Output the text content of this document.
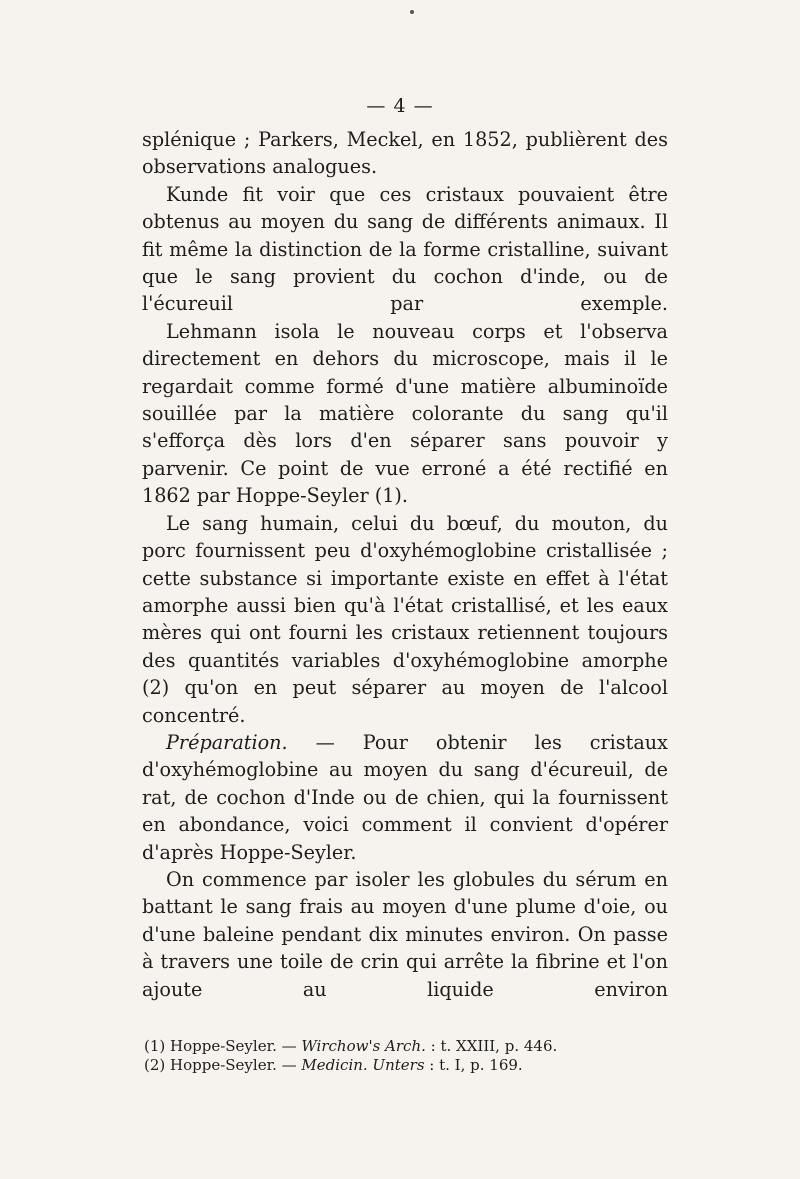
— 4 —

splénique ; Parkers, Meckel, en 1852, publièrent des observations analogues.

Kunde fit voir que ces cristaux pouvaient être obtenus au moyen du sang de différents animaux. Il fit même la distinction de la forme cristalline, suivant que le sang provient du cochon d'inde, ou de l'écureuil par exemple.

Lehmann isola le nouveau corps et l'observa directement en dehors du microscope, mais il le regardait comme formé d'une matière albuminoïde souillée par la matière colorante du sang qu'il s'efforça dès lors d'en séparer sans pouvoir y parvenir. Ce point de vue erroné a été rectifié en 1862 par Hoppe-Seyler (1).

Le sang humain, celui du bœuf, du mouton, du porc fournissent peu d'oxyhémoglobine cristallisée ; cette substance si importante existe en effet à l'état amorphe aussi bien qu'à l'état cristallisé, et les eaux mères qui ont fourni les cristaux retiennent toujours des quantités variables d'oxyhémoglobine amorphe (2) qu'on en peut séparer au moyen de l'alcool concentré.

Préparation. — Pour obtenir les cristaux d'oxyhémoglobine au moyen du sang d'écureuil, de rat, de cochon d'Inde ou de chien, qui la fournissent en abondance, voici comment il convient d'opérer d'après Hoppe-Seyler.

On commence par isoler les globules du sérum en battant le sang frais au moyen d'une plume d'oie, ou d'une baleine pendant dix minutes environ. On passe à travers une toile de crin qui arrête la fibrine et l'on ajoute au liquide environ

(1) Hoppe-Seyler. — Wirchow's Arch. : t. XXIII, p. 446.
(2) Hoppe-Seyler. — Medicin. Unters : t. I, p. 169.
